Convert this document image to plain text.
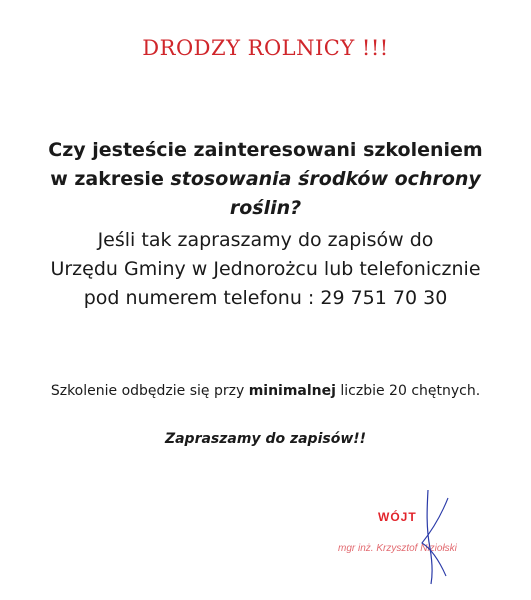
DRODZY ROLNICY !!!
Czy jesteście zainteresowani szkoleniem
w zakresie stosowania środków ochrony
roślin?
Jeśli tak zapraszamy do zapisów do
Urzędu Gminy w Jednorożcu lub telefonicznie
pod numerem telefonu : 29 751 70 30
Szkolenie odbędzie się przy minimalnej liczbie 20 chętnych.
Zapraszamy do zapisów!!
WÓJT
mgr inż. Krzysztof Niziołski
